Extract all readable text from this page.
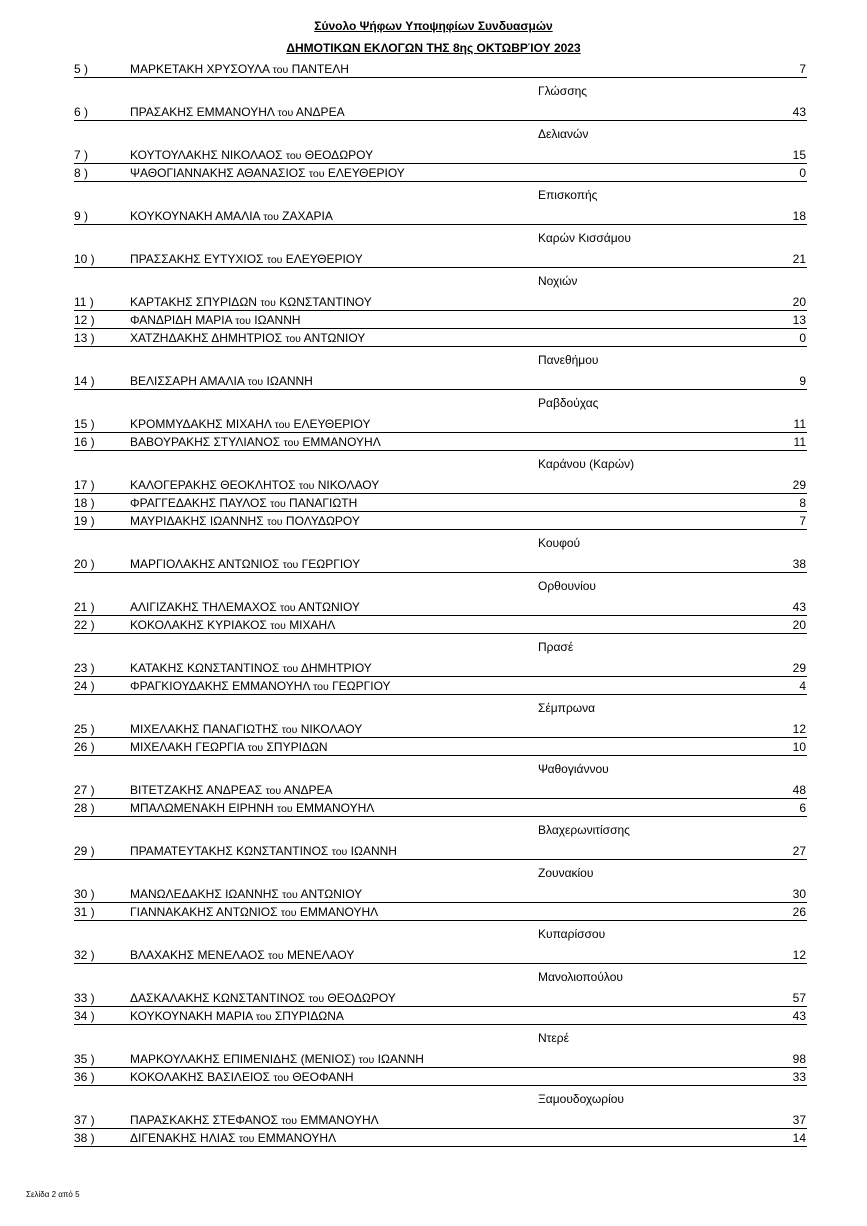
Σύνολο Ψήφων Υποψηφίων Συνδυασμών
ΔΗΜΟΤΙΚΩΝ ΕΚΛΟΓΩΝ ΤΗΣ 8ης ΟΚΤΩΒΡΊΟΥ 2023
5 )	ΜΑΡΚΕΤΑΚΗ ΧΡΥΣΟΥΛΑ του ΠΑΝΤΕΛΗ	7
Γλώσσης
6 )	ΠΡΑΣΑΚΗΣ ΕΜΜΑΝΟΥΗΛ του ΑΝΔΡΕΑ	43
Δελιανών
7 )	ΚΟΥΤΟΥΛΑΚΗΣ ΝΙΚΟΛΑΟΣ του ΘΕΟΔΩΡΟΥ	15
8 )	ΨΑΘΟΓΙΑΝΝΑΚΗΣ ΑΘΑΝΑΣΙΟΣ του ΕΛΕΥΘΕΡΙΟΥ	0
Επισκοπής
9 )	ΚΟΥΚΟΥΝΑΚΗ ΑΜΑΛΙΑ του ΖΑΧΑΡΙΑ	18
Καρών Κισσάμου
10 )	ΠΡΑΣΣΑΚΗΣ ΕΥΤΥΧΙΟΣ του ΕΛΕΥΘΕΡΙΟΥ	21
Νοχιών
11 )	ΚΑΡΤΑΚΗΣ ΣΠΥΡΙΔΩΝ του ΚΩΝΣΤΑΝΤΙΝΟΥ	20
12 )	ΦΑΝΔΡΙΔΗ ΜΑΡΙΑ του ΙΩΑΝΝΗ	13
13 )	ΧΑΤΖΗΔΑΚΗΣ ΔΗΜΗΤΡΙΟΣ του ΑΝΤΩΝΙΟΥ	0
Πανεθήμου
14 )	ΒΕΛΙΣΣΑΡΗ ΑΜΑΛΙΑ του ΙΩΑΝΝΗ	9
Ραβδούχας
15 )	ΚΡΟΜΜΥΔΑΚΗΣ ΜΙΧΑΗΛ του ΕΛΕΥΘΕΡΙΟΥ	11
16 )	ΒΑΒΟΥΡΑΚΗΣ ΣΤΥΛΙΑΝΟΣ του ΕΜΜΑΝΟΥΗΛ	11
Καράνου (Καρών)
17 )	ΚΑΛΟΓΕΡΑΚΗΣ ΘΕΟΚΛΗΤΟΣ του ΝΙΚΟΛΑΟΥ	29
18 )	ΦΡΑΓΓΕΔΑΚΗΣ ΠΑΥΛΟΣ του ΠΑΝΑΓΙΩΤΗ	8
19 )	ΜΑΥΡΙΔΑΚΗΣ ΙΩΑΝΝΗΣ του ΠΟΛΥΔΩΡΟΥ	7
Κουφού
20 )	ΜΑΡΓΙΟΛΑΚΗΣ ΑΝΤΩΝΙΟΣ του ΓΕΩΡΓΙΟΥ	38
Ορθουνίου
21 )	ΑΛΙΓΙΖΑΚΗΣ ΤΗΛΕΜΑΧΟΣ του ΑΝΤΩΝΙΟΥ	43
22 )	ΚΟΚΟΛΑΚΗΣ ΚΥΡΙΑΚΟΣ του ΜΙΧΑΗΛ	20
Πρασέ
23 )	ΚΑΤΑΚΗΣ ΚΩΝΣΤΑΝΤΙΝΟΣ του ΔΗΜΗΤΡΙΟΥ	29
24 )	ΦΡΑΓΚΙΟΥΔΑΚΗΣ ΕΜΜΑΝΟΥΗΛ του ΓΕΩΡΓΙΟΥ	4
Σέμπρωνα
25 )	ΜΙΧΕΛΑΚΗΣ ΠΑΝΑΓΙΩΤΗΣ του ΝΙΚΟΛΑΟΥ	12
26 )	ΜΙΧΕΛΑΚΗ ΓΕΩΡΓΙΑ του ΣΠΥΡΙΔΩΝ	10
Ψαθογιάννου
27 )	ΒΙΤΕΤΖΑΚΗΣ ΑΝΔΡΕΑΣ του ΑΝΔΡΕΑ	48
28 )	ΜΠΑΛΩΜΕΝΑΚΗ ΕΙΡΗΝΗ του ΕΜΜΑΝΟΥΗΛ	6
Βλαχερωνιτίσσης
29 )	ΠΡΑΜΑΤΕΥΤΑΚΗΣ ΚΩΝΣΤΑΝΤΙΝΟΣ του ΙΩΑΝΝΗ	27
Ζουνακίου
30 )	ΜΑΝΩΛΕΔΑΚΗΣ ΙΩΑΝΝΗΣ του ΑΝΤΩΝΙΟΥ	30
31 )	ΓΙΑΝΝΑΚΑΚΗΣ ΑΝΤΩΝΙΟΣ του ΕΜΜΑΝΟΥΗΛ	26
Κυπαρίσσου
32 )	ΒΛΑΧΑΚΗΣ ΜΕΝΕΛΑΟΣ του ΜΕΝΕΛΑΟΥ	12
Μανολιοπούλου
33 )	ΔΑΣΚΑΛΑΚΗΣ ΚΩΝΣΤΑΝΤΙΝΟΣ του ΘΕΟΔΩΡΟΥ	57
34 )	ΚΟΥΚΟΥΝΑΚΗ ΜΑΡΙΑ του ΣΠΥΡΙΔΩΝΑ	43
Ντερέ
35 )	ΜΑΡΚΟΥΛΑΚΗΣ ΕΠΙΜΕΝΙΔΗΣ (ΜΕΝΙΟΣ) του ΙΩΑΝΝΗ	98
36 )	ΚΟΚΟΛΑΚΗΣ ΒΑΣΙΛΕΙΟΣ του ΘΕΟΦΑΝΗ	33
Ξαμουδοχωρίου
37 )	ΠΑΡΑΣΚΑΚΗΣ ΣΤΕΦΑΝΟΣ του ΕΜΜΑΝΟΥΗΛ	37
38 )	ΔΙΓΕΝΑΚΗΣ ΗΛΙΑΣ του ΕΜΜΑΝΟΥΗΛ	14
Σελίδα 2 από 5
